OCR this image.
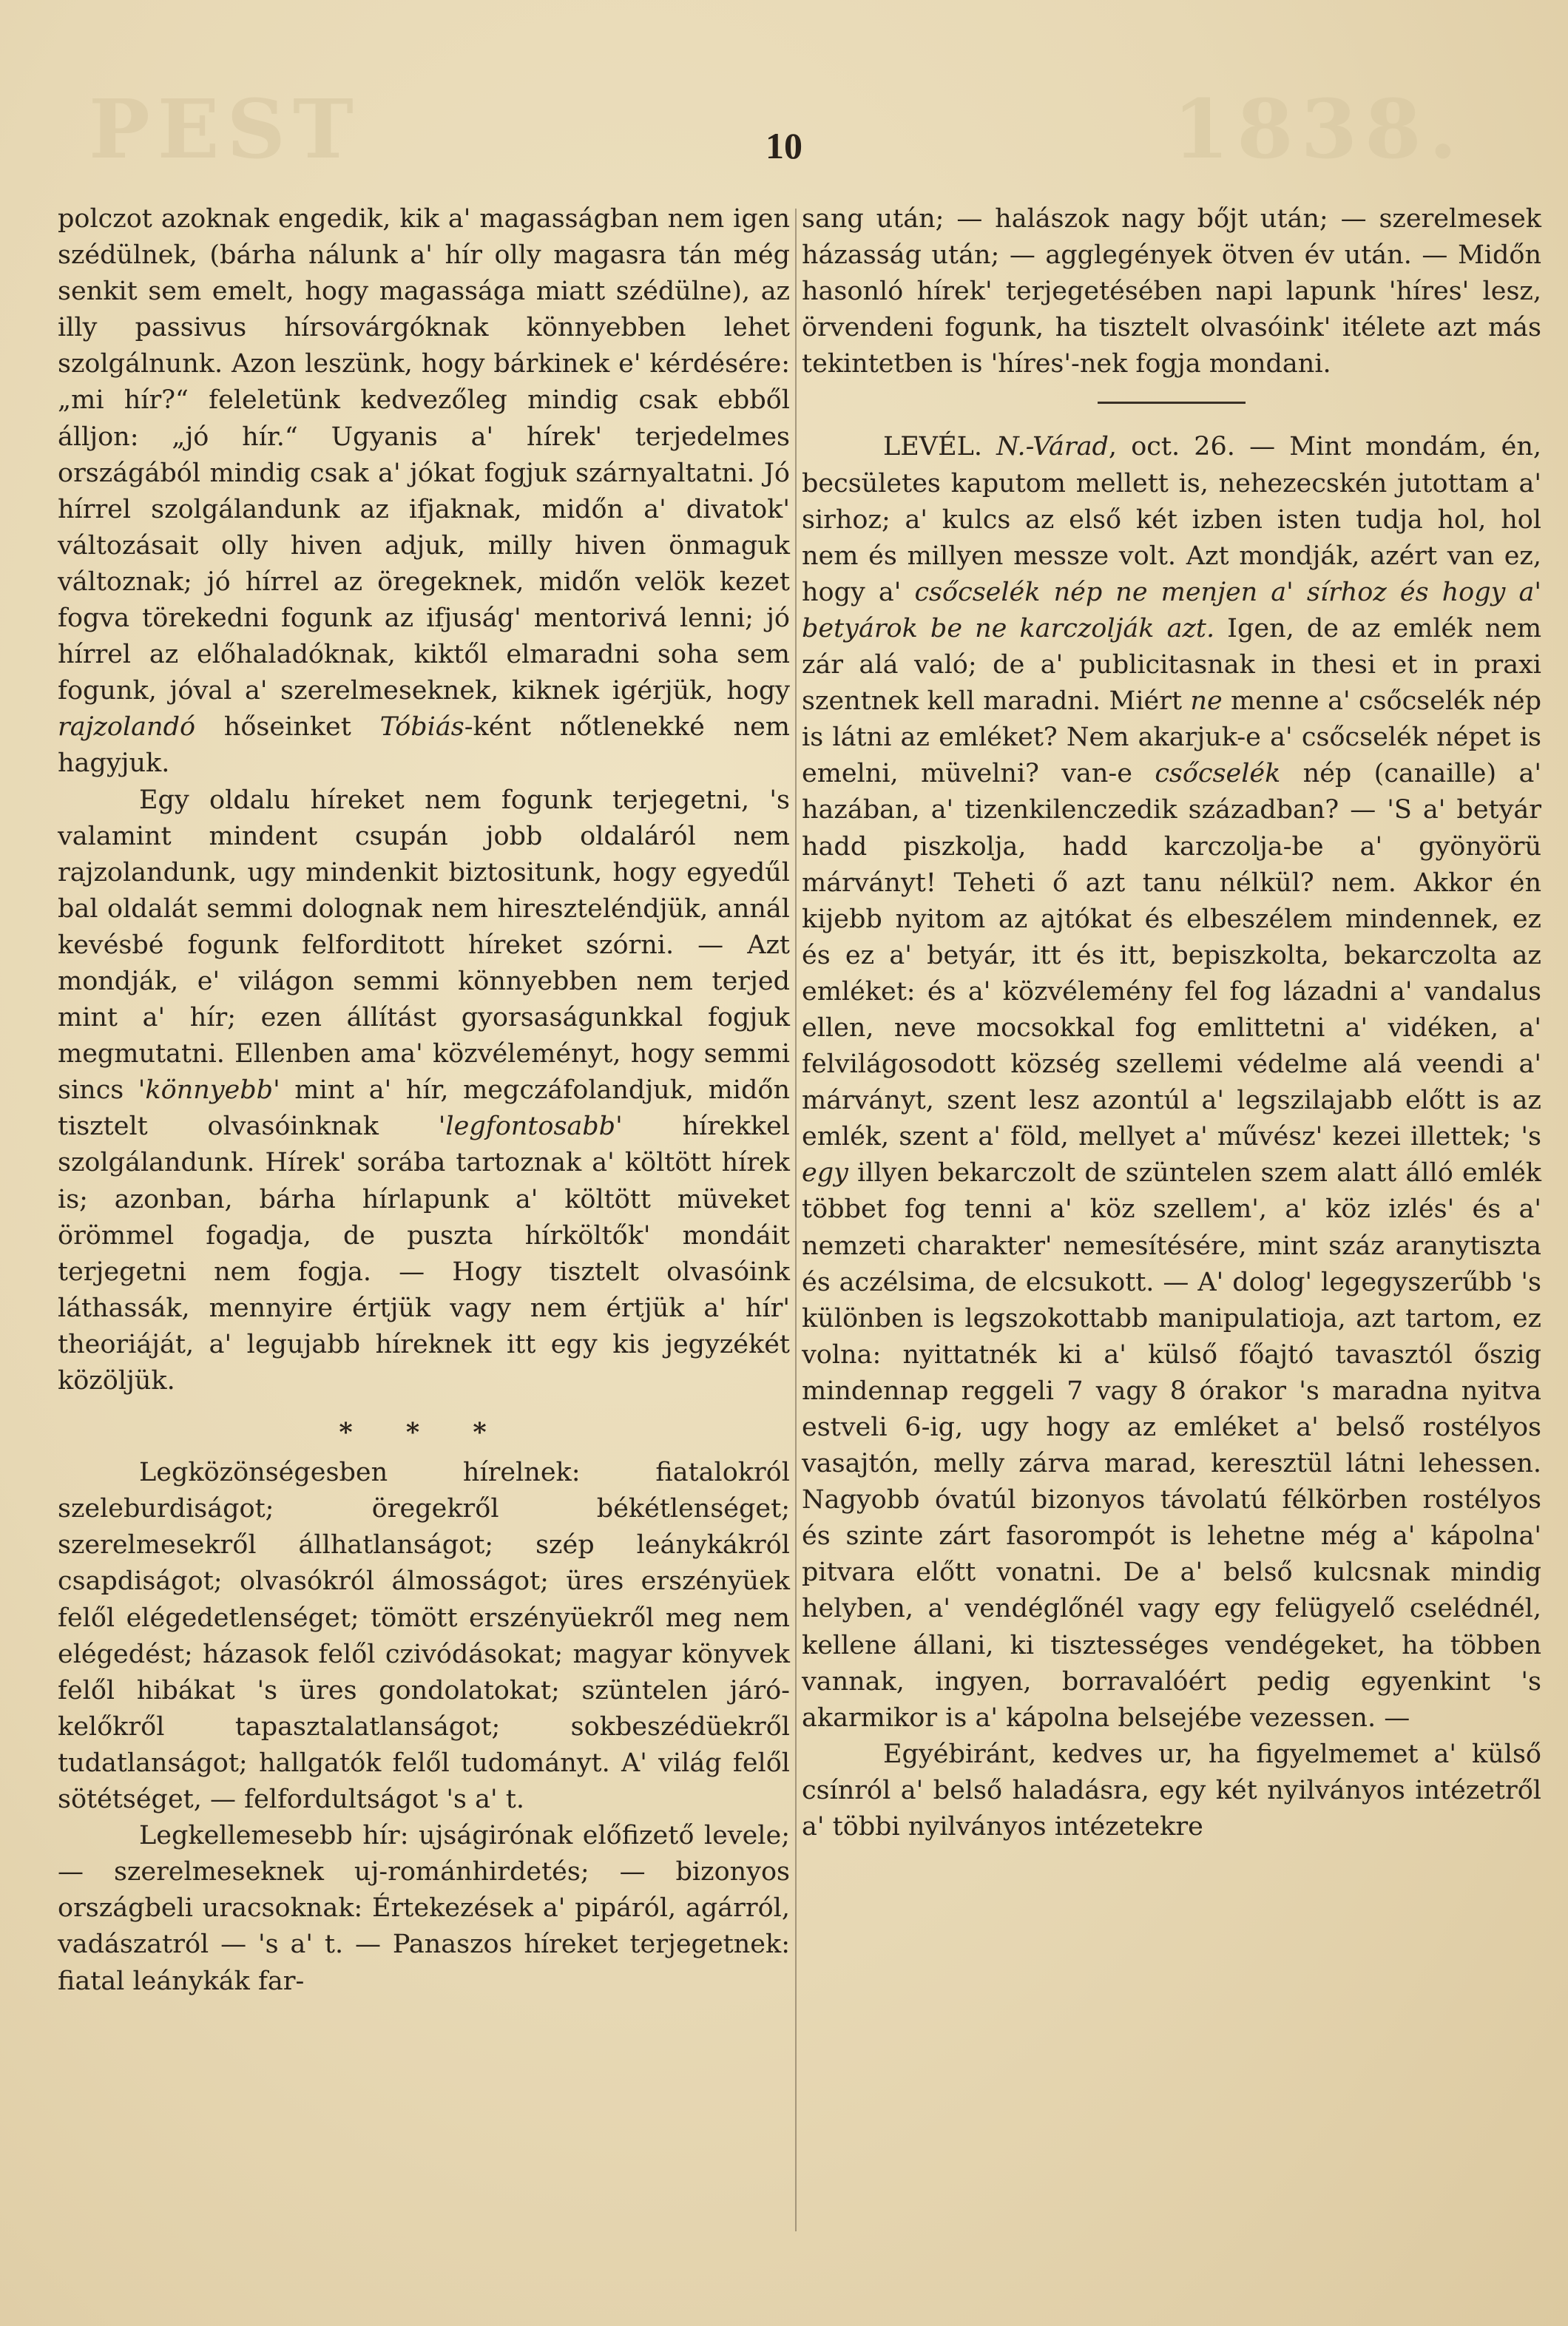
PEST	1838.
10

polczot azoknak engedik, kik a' magasságban nem igen szédülnek, (bárha nálunk a' hír olly magasra tán még senkit sem emelt, hogy magassága miatt szédülne), az illy passivus hírsovárgóknak könnyebben lehet szolgálnunk. Azon leszünk, hogy bárkinek e' kérdésére: „mi hír?“ feleletünk kedvezőleg mindig csak ebből álljon: „jó hír.“ Ugyanis a' hírek' terjedelmes országából mindig csak a' jókat fogjuk szárnyaltatni. Jó hírrel szolgálandunk az ifjaknak, midőn a' divatok' változásait olly hiven adjuk, milly hiven önmaguk változnak; jó hírrel az öregeknek, midőn velök kezet fogva törekedni fogunk az ifjuság' mentorivá lenni; jó hírrel az előhaladóknak, kiktől elmaradni soha sem fogunk, jóval a' szerelmeseknek, kiknek igérjük, hogy rajzolandó hőseinket Tóbiás-ként nőtlenekké nem hagyjuk.

Egy oldalu híreket nem fogunk terjegetni, 's valamint mindent csupán jobb oldaláról nem rajzolandunk, ugy mindenkit biztositunk, hogy egyedűl bal oldalát semmi dolognak nem hireszteléndjük, annál kevésbé fogunk felforditott híreket szórni. — Azt mondják, e' világon semmi könnyebben nem terjed mint a' hír; ezen állítást gyorsaságunkkal fogjuk megmutatni. Ellenben ama' közvéleményt, hogy semmi sincs 'könnyebb' mint a' hír, megczáfolandjuk, midőn tisztelt olvasóinknak 'legfontosabb' hírekkel szolgálandunk. Hírek' sorába tartoznak a' költött hírek is; azonban, bárha hírlapunk a' költött müveket örömmel fogadja, de puszta hírköltők' mondáit terjegetni nem fogja. — Hogy tisztelt olvasóink láthassák, mennyire értjük vagy nem értjük a' hír' theoriáját, a' legujabb híreknek itt egy kis jegyzékét közöljük.

* * *

Legközönségesben hírelnek: fiatalokról szeleburdiságot; öregekről békétlenséget; szerelmesekről állhatlanságot; szép leánykákról csapdiságot; olvasókról álmosságot; üres erszényüek felől elégedetlenséget; tömött erszényüekről meg nem elégedést; házasok felől czivódásokat; magyar könyvek felől hibákat 's üres gondolatokat; szüntelen járó-kelőkről tapasztalatlanságot; sokbeszédüekről tudatlanságot; hallgatók felől tudományt. A' világ felől sötétséget, — felfordultságot 's a' t.

Legkellemesebb hír: ujságirónak előfizető levele; — szerelmeseknek uj-románhirdetés; — bizonyos országbeli uracsoknak: Értekezések a' pipáról, agárról, vadászatról — 's a' t. — Panaszos híreket terjegetnek: fiatal leánykák far-

sang után; — halászok nagy bőjt után; — szerelmesek házasság után; — agglegények ötven év után. — Midőn hasonló hírek' terjegetésében napi lapunk 'híres' lesz, örvendeni fogunk, ha tisztelt olvasóink' itélete azt más tekintetben is 'híres'-nek fogja mondani.

LEVÉL. N.-Várad, oct. 26. — Mint mondám, én, becsületes kaputom mellett is, nehezecskén jutottam a' sirhoz; a' kulcs az első két izben isten tudja hol, hol nem és millyen messze volt. Azt mondják, azért van ez, hogy a' csőcselék nép ne menjen a' sírhoz és hogy a' betyárok be ne karczolják azt. Igen, de az emlék nem zár alá való; de a' publicitasnak in thesi et in praxi szentnek kell maradni. Miért ne menne a' csőcselék nép is látni az emléket? Nem akarjuk-e a' csőcselék népet is emelni, müvelni? van-e csőcselék nép (canaille) a' hazában, a' tizenkilenczedik században? — 'S a' betyár hadd piszkolja, hadd karczolja-be a' gyönyörü márványt! Teheti ő azt tanu nélkül? nem. Akkor én kijebb nyitom az ajtókat és elbeszélem mindennek, ez és ez a' betyár, itt és itt, bepiszkolta, bekarczolta az emléket: és a' közvélemény fel fog lázadni a' vandalus ellen, neve mocsokkal fog emlittetni a' vidéken, a' felvilágosodott község szellemi védelme alá veendi a' márványt, szent lesz azontúl a' legszilajabb előtt is az emlék, szent a' föld, mellyet a' művész' kezei illettek; 's egy illyen bekarczolt de szüntelen szem alatt álló emlék többet fog tenni a' köz szellem', a' köz izlés' és a' nemzeti charakter' nemesítésére, mint száz aranytiszta és aczélsima, de elcsukott. — A' dolog' legegyszerűbb 's különben is legszokottabb manipulatioja, azt tartom, ez volna: nyittatnék ki a' külső főajtó tavasztól őszig mindennap reggeli 7 vagy 8 órakor 's maradna nyitva estveli 6-ig, ugy hogy az emléket a' belső rostélyos vasajtón, melly zárva marad, keresztül látni lehessen. Nagyobb óvatúl bizonyos távolatú félkörben rostélyos és szinte zárt fasorompót is lehetne még a' kápolna' pitvara előtt vonatni. De a' belső kulcsnak mindig helyben, a' vendéglőnél vagy egy felügyelő cselédnél, kellene állani, ki tisztességes vendégeket, ha többen vannak, ingyen, borravalóért pedig egyenkint 's akarmikor is a' kápolna belsejébe vezessen. —

Egyébiránt, kedves ur, ha figyelmemet a' külső csínról a' belső haladásra, egy két nyilványos intézetről a' többi nyilványos intézetekre
